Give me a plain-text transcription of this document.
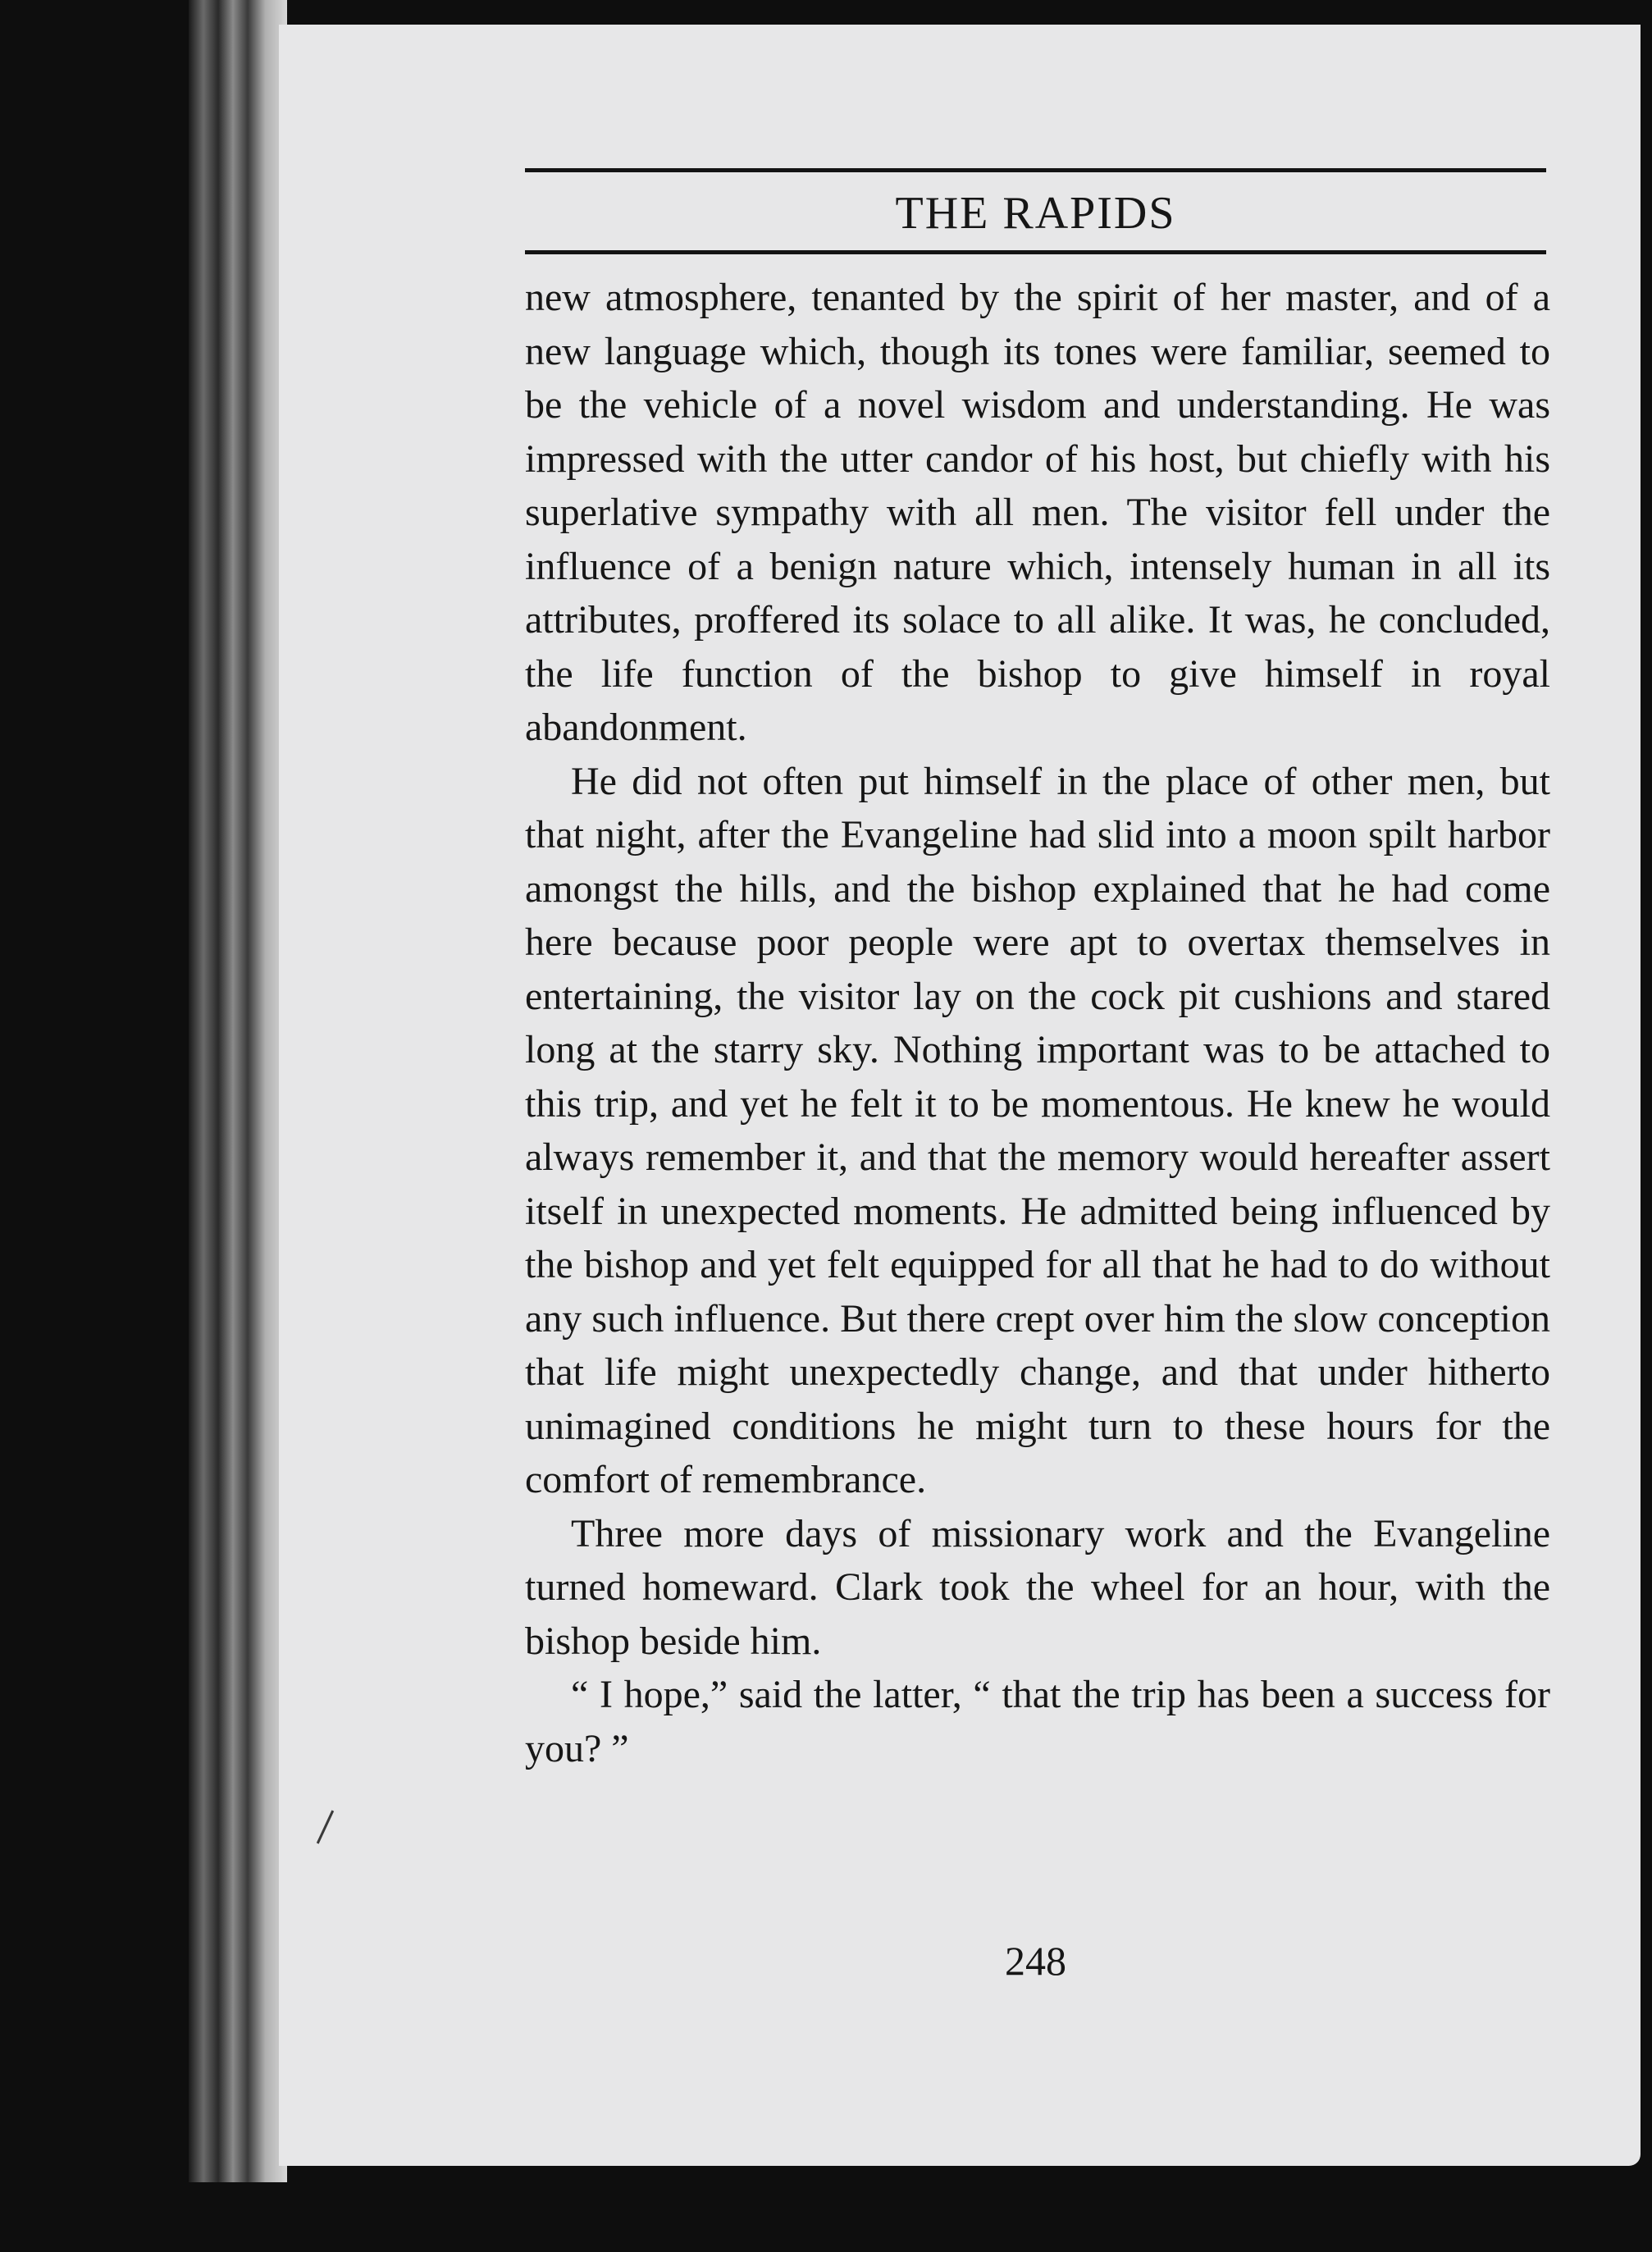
THE RAPIDS

new atmosphere, tenanted by the spirit of her master, and of a new language which, though its tones were familiar, seemed to be the vehicle of a novel wisdom and understanding. He was impressed with the utter candor of his host, but chiefly with his superlative sympathy with all men. The visitor fell under the influence of a benign nature which, intensely human in all its attributes, proffered its solace to all alike. It was, he concluded, the life function of the bishop to give himself in royal abandonment.

He did not often put himself in the place of other men, but that night, after the Evangeline had slid into a moon spilt harbor amongst the hills, and the bishop explained that he had come here because poor people were apt to overtax themselves in entertaining, the visitor lay on the cock pit cushions and stared long at the starry sky. Nothing important was to be attached to this trip, and yet he felt it to be momentous. He knew he would always remember it, and that the memory would hereafter assert itself in unexpected moments. He admitted being influenced by the bishop and yet felt equipped for all that he had to do without any such influence. But there crept over him the slow conception that life might unexpectedly change, and that under hitherto unimagined conditions he might turn to these hours for the comfort of remembrance.

Three more days of missionary work and the Evangeline turned homeward. Clark took the wheel for an hour, with the bishop beside him.

“ I hope,” said the latter, “ that the trip has been a success for you? ”

248
